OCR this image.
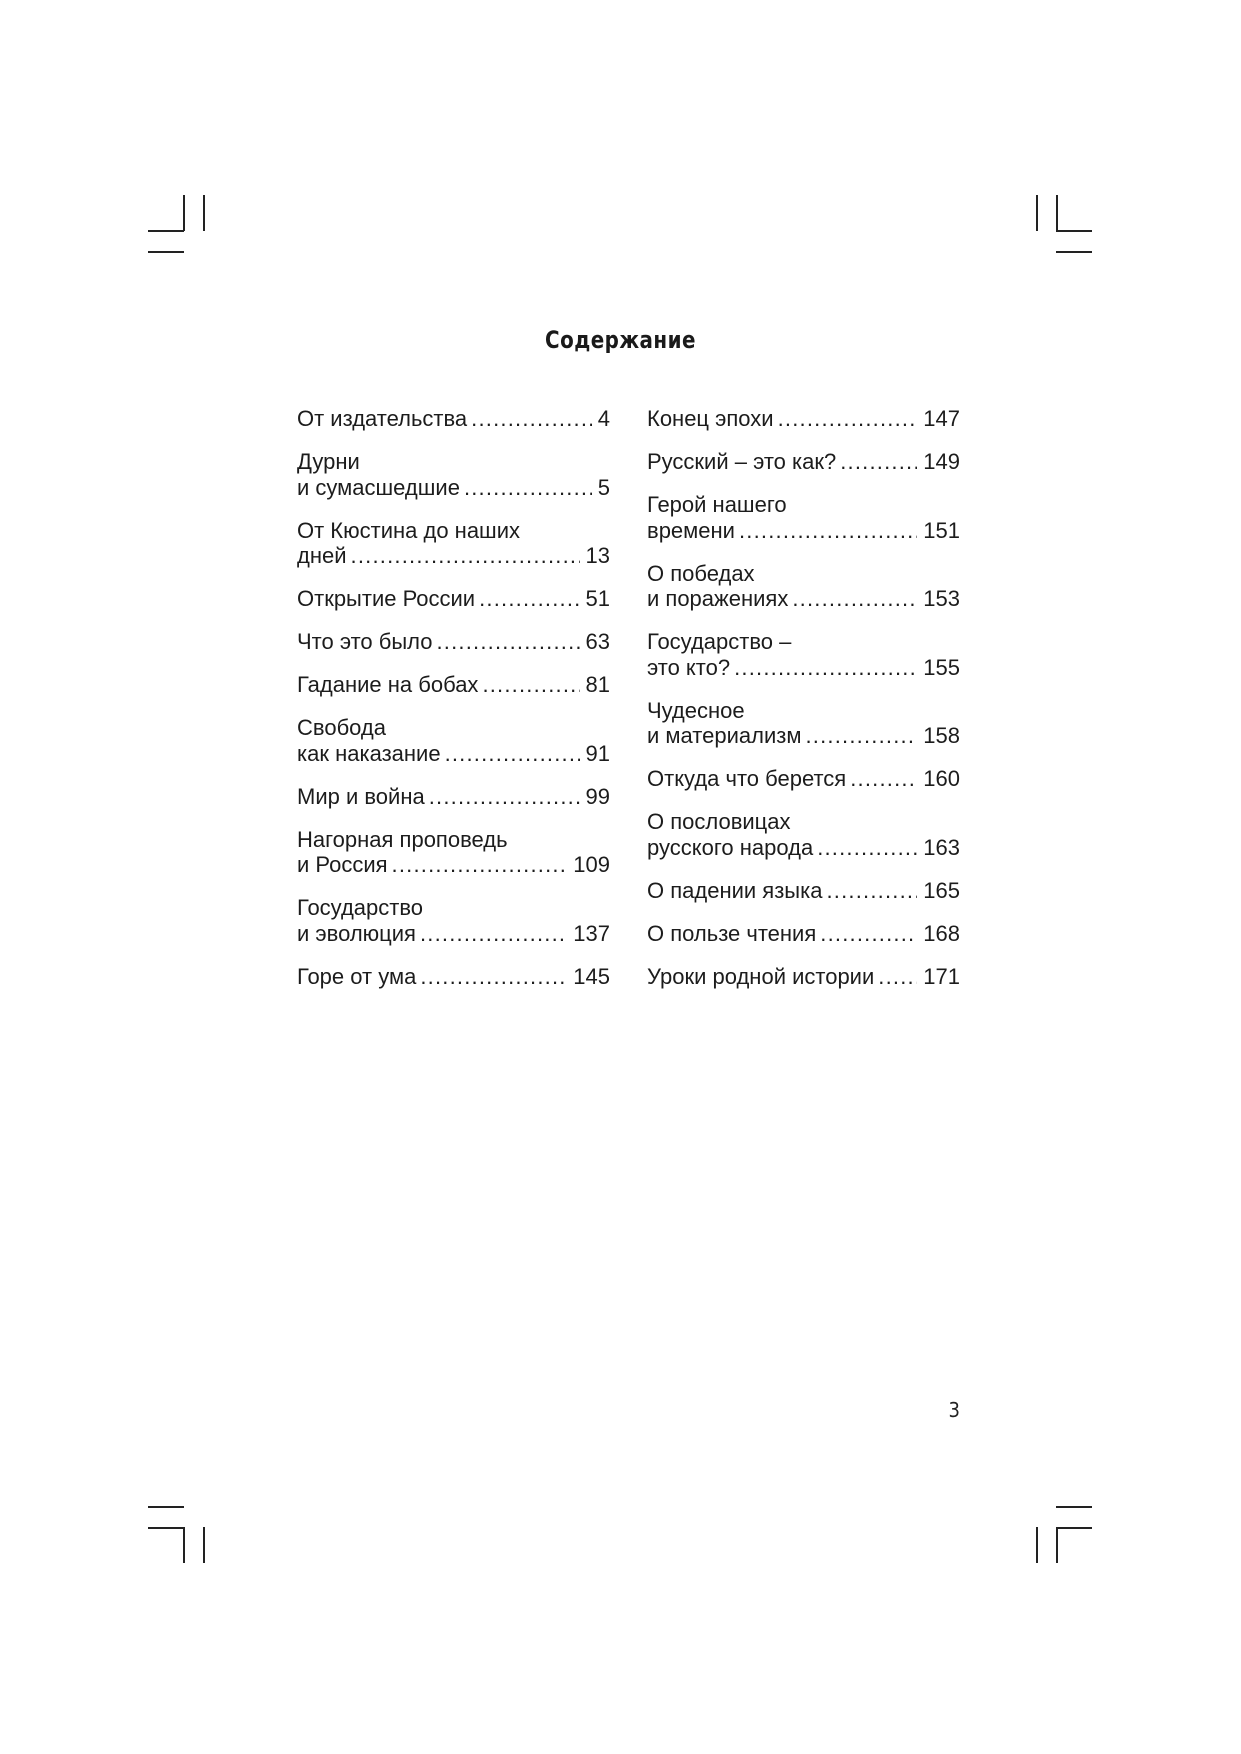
Содержание
От издательства .....	4
Дурни
и сумасшедшие .....	5
От Кюстина до наших
дней .....	13
Открытие России .....	51
Что это было .....	63
Гадание на бобах .....	81
Свобода
как наказание .....	91
Мир и война .....	99
Нагорная проповедь
и Россия .....	109
Государство
и эволюция .....	137
Горе от ума .....	145
Конец эпохи .....	147
Русский – это как? .....	149
Герой нашего
времени .....	151
О победах
и поражениях .....	153
Государство –
это кто? .....	155
Чудесное
и материализм .....	158
Откуда что берется .....	160
О пословицах
русского народа .....	163
О падении языка .....	165
О пользе чтения .....	168
Уроки родной истории ..... 171
3
